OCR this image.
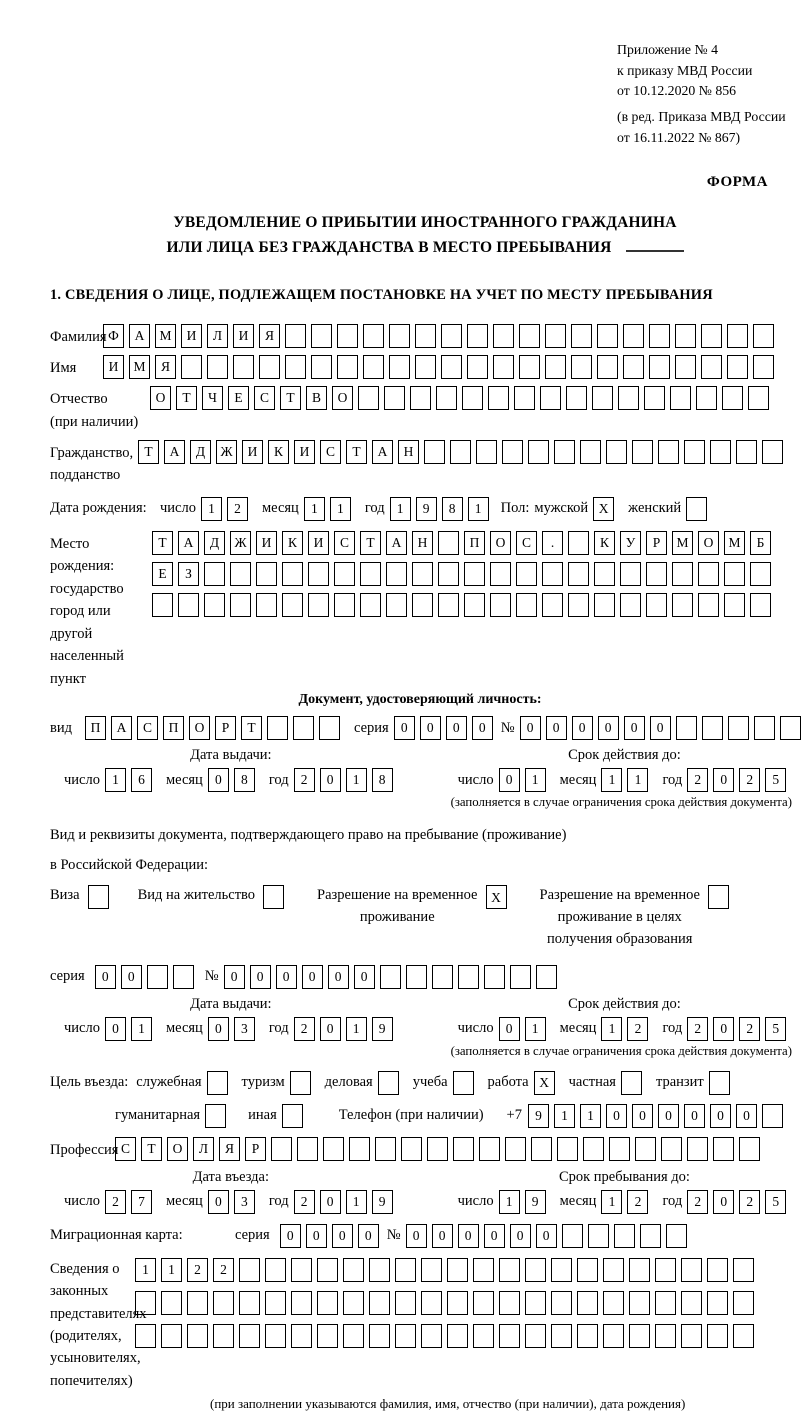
Приложение № 4
к приказу МВД России
от 10.12.2020 № 856
(в ред. Приказа МВД России
от 16.11.2022 № 867)
ФОРМА
УВЕДОМЛЕНИЕ О ПРИБЫТИИ ИНОСТРАННОГО ГРАЖДАНИНА
ИЛИ ЛИЦА БЕЗ ГРАЖДАНСТВА В МЕСТО ПРЕБЫВАНИЯ
1. СВЕДЕНИЯ О ЛИЦЕ, ПОДЛЕЖАЩЕМ ПОСТАНОВКЕ НА УЧЕТ ПО МЕСТУ ПРЕБЫВАНИЯ
Фамилия Ф	А	М	И	Л	И	Я
Имя	И	М	Я
Отчество
(при наличии)
О	Т	Ч	Е	С	Т	В	О
Гражданство,
подданство
Т	А	Д	Ж	И	К	И	С	Т	А	Н
Дата рождения: число 1	2	месяц 1	1	год 1	9	8	1	Пол: мужской X	женский
Место рождения:
государство
город или другой
населенный пункт
Т	А	Д	Ж	И	К	И	С	Т	А	Н	П	О	С	.	К	У	Р	М	О	М	Б
Е	З
Документ, удостоверяющий личность:
вид	П	А	С	П	О	Р	Т	серия 0	0	0	0	№ 0	0	0	0	0	0
Дата выдачи:
число 1	6	месяц 0	8	год 2	0	1	8
Срок действия до:
число 0	1	месяц 1	1	год 2	0	2	5
(заполняется в случае ограничения срока действия документа)
Вид и реквизиты документа, подтверждающего право на пребывание (проживание)
в Российской Федерации:
Виза	Вид на жительство	Разрешение на временное
проживание
X	Разрешение на временное
проживание в целях
получения образования
серия	0	0	№ 0	0	0	0	0	0
Дата выдачи:
число 0	1	месяц 0	3	год 2	0	1	9
Срок действия до:
число 0	1	месяц 1	2	год 2	0	2	5
(заполняется в случае ограничения срока действия документа)
Цель въезда: служебная	туризм	деловая	учеба	работа X	частная	транзит
гуманитарная	иная	Телефон (при наличии) +7 9	1	1	0	0	0	0	0	0
Профессия С	Т	О	Л	Я	Р
Дата въезда:
число 2	7	месяц 0	3	год 2	0	1	9
Срок пребывания до:
число 1	9	месяц 1	2	год 2	0	2	5
Миграционная карта:	серия	0	0	0	0	№ 0	0	0	0	0	0
Сведения о
законных
представителях
(родителях,
усыновителях,
попечителях)
1	1	2	2
(при заполнении указываются фамилия, имя, отчество (при наличии), дата рождения)
